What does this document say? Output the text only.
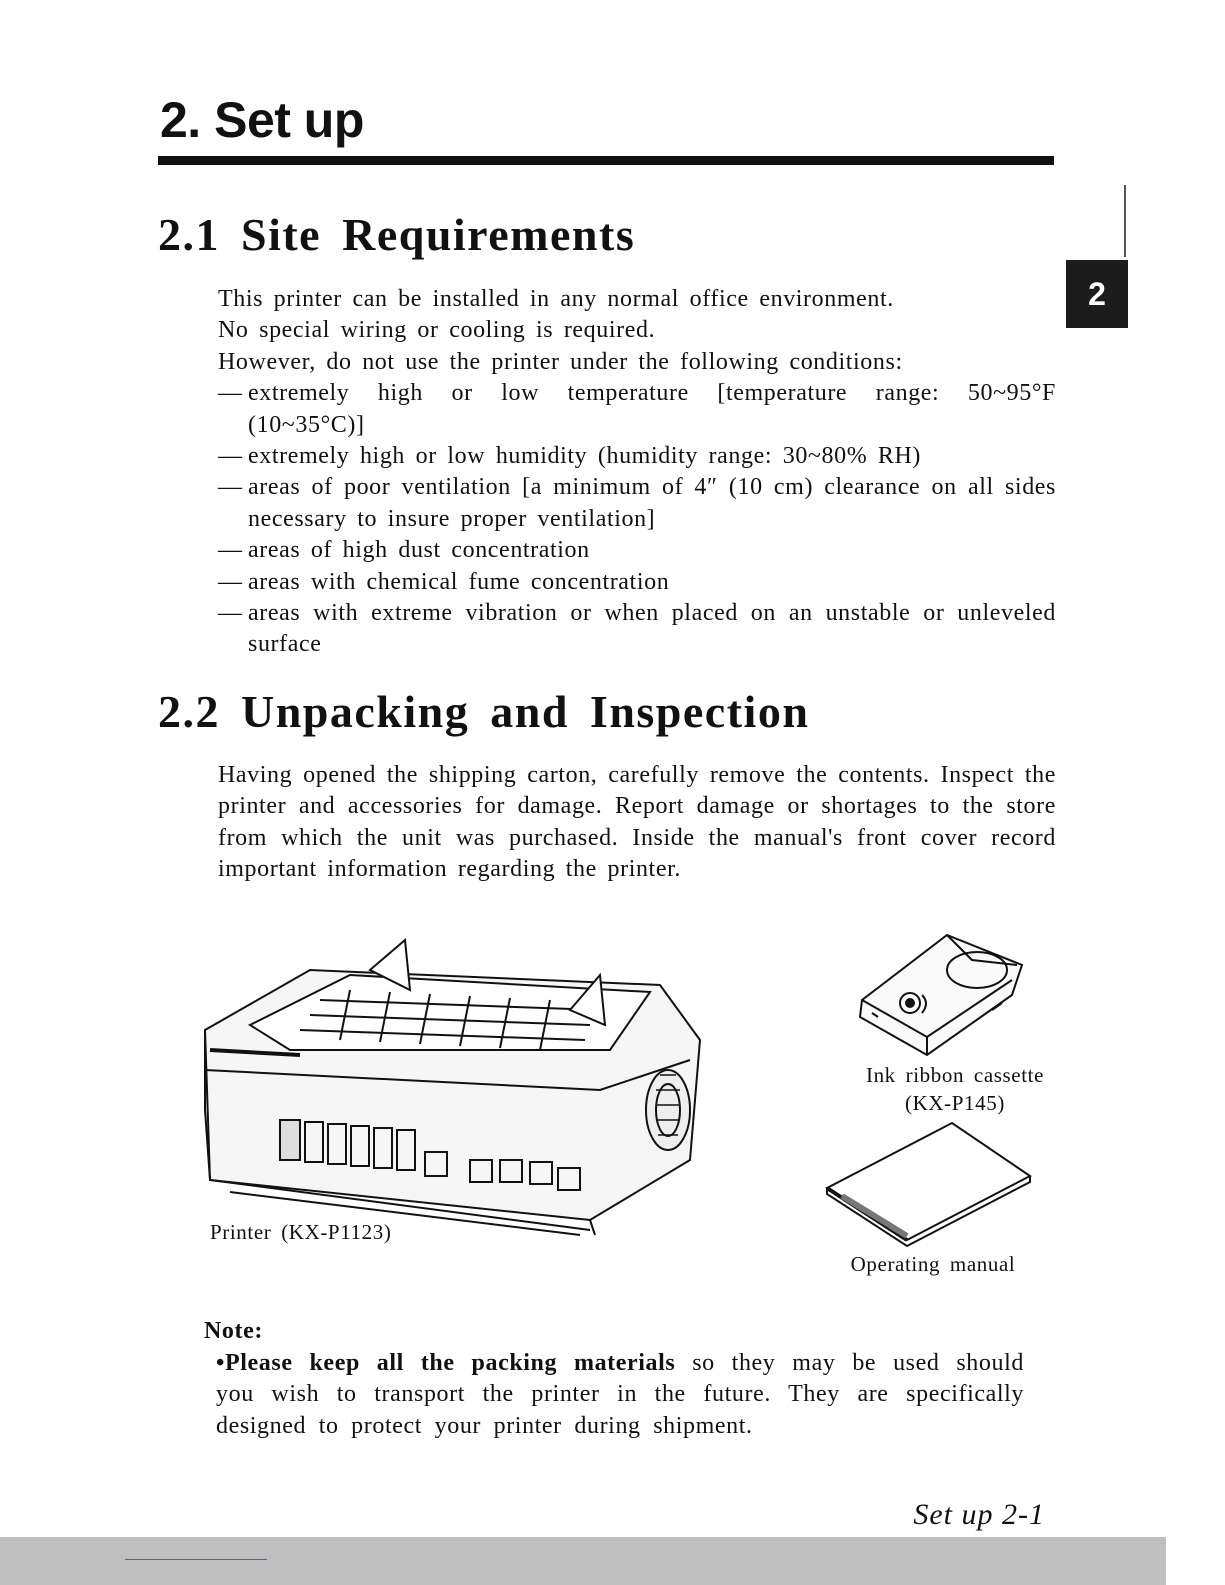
2. Set up
2
2.1 Site Requirements

This printer can be installed in any normal office environment.

No special wiring or cooling is required.

However, do not use the printer under the following conditions:

— extremely high or low temperature [temperature range: 50~95°F (10~35°C)]
— extremely high or low humidity (humidity range: 30~80% RH)
— areas of poor ventilation [a minimum of 4″ (10 cm) clearance on all sides necessary to insure proper ventilation]
— areas of high dust concentration
— areas with chemical fume concentration
— areas with extreme vibration or when placed on an unstable or unleveled surface
2.2 Unpacking and Inspection
Having opened the shipping carton, carefully remove the contents. Inspect the printer and accessories for damage. Report damage or shortages to the store from which the unit was purchased. Inside the manual's front cover record important information regarding the printer.
Printer (KX-P1123)
Ink ribbon cassette
(KX-P145)
Operating manual

Note:

•Please keep all the packing materials so they may be used should you wish to transport the printer in the future. They are specifically designed to protect your printer during shipment.

Set up 2-1
